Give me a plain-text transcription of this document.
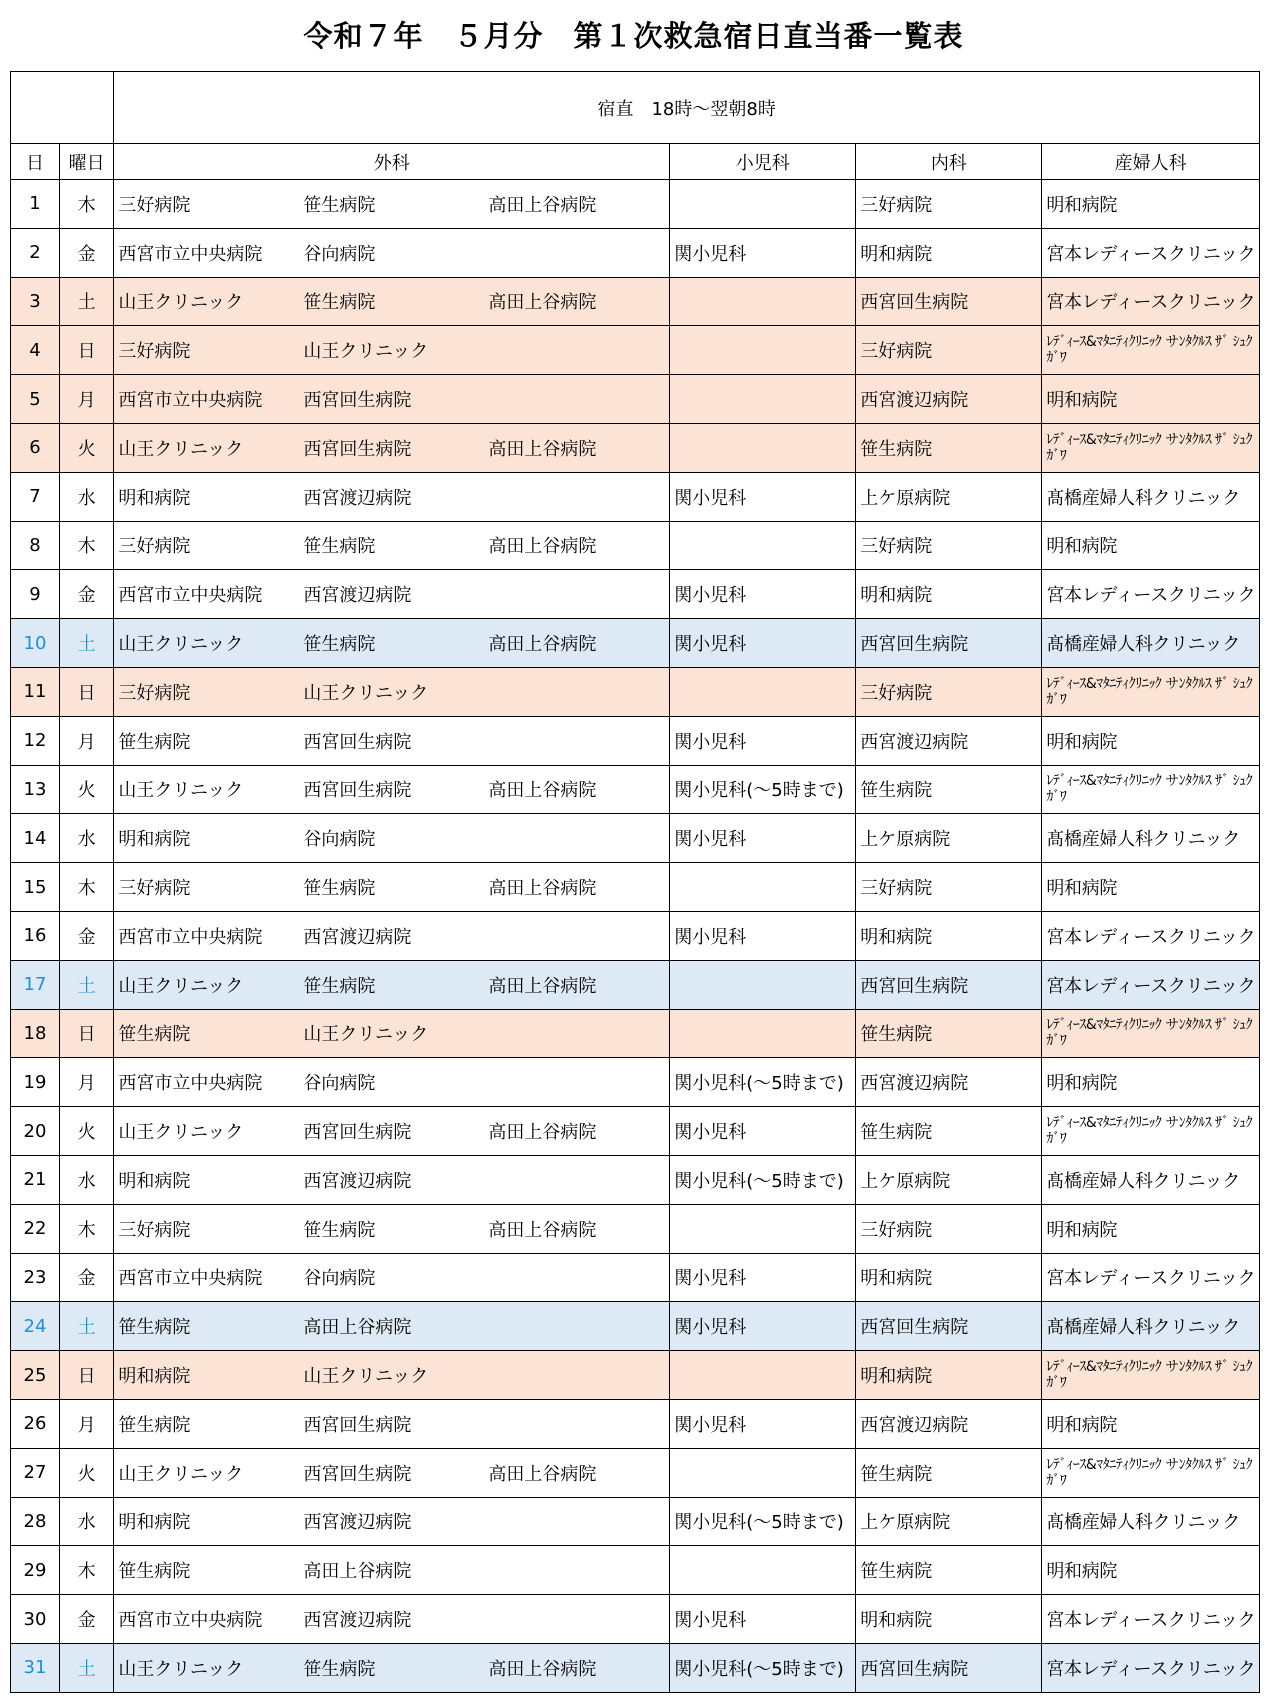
令和７年　５月分　第１次救急宿日直当番一覧表
		宿直　18時～翌朝8時			
日	曜日	外科	小児科	内科	産婦人科
1	木	三好病院 笹生病院 高田上谷病院		三好病院	明和病院
2	金	西宮市立中央病院 谷向病院	関小児科	明和病院	宮本レディースクリニック
3	土	山王クリニック 笹生病院 高田上谷病院		西宮回生病院	宮本レディースクリニック
4	日	三好病院 山王クリニック		三好病院	ﾚﾃﾞｨｰｽ&ﾏﾀﾆﾃｨｸﾘﾆｯｸ サﾝﾀｸﾙｽ ｻﾞ ｼｭｸｶﾞﾜ
5	月	西宮市立中央病院 西宮回生病院		西宮渡辺病院	明和病院
6	火	山王クリニック 西宮回生病院 高田上谷病院		笹生病院	ﾚﾃﾞｨｰｽ&ﾏﾀﾆﾃｨｸﾘﾆｯｸ サﾝﾀｸﾙｽ ｻﾞ ｼｭｸｶﾞﾜ
7	水	明和病院 西宮渡辺病院	関小児科	上ケ原病院	髙橋産婦人科クリニック
8	木	三好病院 笹生病院 高田上谷病院		三好病院	明和病院
9	金	西宮市立中央病院 西宮渡辺病院	関小児科	明和病院	宮本レディースクリニック
10	土	山王クリニック 笹生病院 高田上谷病院	関小児科	西宮回生病院	髙橋産婦人科クリニック
11	日	三好病院 山王クリニック		三好病院	ﾚﾃﾞｨｰｽ&ﾏﾀﾆﾃｨｸﾘﾆｯｸ サﾝﾀｸﾙｽ ｻﾞ ｼｭｸｶﾞﾜ
12	月	笹生病院 西宮回生病院	関小児科	西宮渡辺病院	明和病院
13	火	山王クリニック 西宮回生病院 高田上谷病院	関小児科(～5時まで)	笹生病院	ﾚﾃﾞｨｰｽ&ﾏﾀﾆﾃｨｸﾘﾆｯｸ サﾝﾀｸﾙｽ ｻﾞ ｼｭｸｶﾞﾜ
14	水	明和病院 谷向病院	関小児科	上ケ原病院	髙橋産婦人科クリニック
15	木	三好病院 笹生病院 高田上谷病院		三好病院	明和病院
16	金	西宮市立中央病院 西宮渡辺病院	関小児科	明和病院	宮本レディースクリニック
17	土	山王クリニック 笹生病院 高田上谷病院		西宮回生病院	宮本レディースクリニック
18	日	笹生病院 山王クリニック		笹生病院	ﾚﾃﾞｨｰｽ&ﾏﾀﾆﾃｨｸﾘﾆｯｸ サﾝﾀｸﾙｽ ｻﾞ ｼｭｸｶﾞﾜ
19	月	西宮市立中央病院 谷向病院	関小児科(～5時まで)	西宮渡辺病院	明和病院
20	火	山王クリニック 西宮回生病院 高田上谷病院	関小児科	笹生病院	ﾚﾃﾞｨｰｽ&ﾏﾀﾆﾃｨｸﾘﾆｯｸ サﾝﾀｸﾙｽ ｻﾞ ｼｭｸｶﾞﾜ
21	水	明和病院 西宮渡辺病院	関小児科(～5時まで)	上ケ原病院	髙橋産婦人科クリニック
22	木	三好病院 笹生病院 高田上谷病院		三好病院	明和病院
23	金	西宮市立中央病院 谷向病院	関小児科	明和病院	宮本レディースクリニック
24	土	笹生病院 高田上谷病院	関小児科	西宮回生病院	髙橋産婦人科クリニック
25	日	明和病院 山王クリニック		明和病院	ﾚﾃﾞｨｰｽ&ﾏﾀﾆﾃｨｸﾘﾆｯｸ サﾝﾀｸﾙｽ ｻﾞ ｼｭｸｶﾞﾜ
26	月	笹生病院 西宮回生病院	関小児科	西宮渡辺病院	明和病院
27	火	山王クリニック 西宮回生病院 高田上谷病院		笹生病院	ﾚﾃﾞｨｰｽ&ﾏﾀﾆﾃｨｸﾘﾆｯｸ サﾝﾀｸﾙｽ ｻﾞ ｼｭｸｶﾞﾜ
28	水	明和病院 西宮渡辺病院	関小児科(～5時まで)	上ケ原病院	髙橋産婦人科クリニック
29	木	笹生病院 高田上谷病院		笹生病院	明和病院
30	金	西宮市立中央病院 西宮渡辺病院	関小児科	明和病院	宮本レディースクリニック
31	土	山王クリニック 笹生病院 高田上谷病院	関小児科(～5時まで)	西宮回生病院	宮本レディースクリニック
